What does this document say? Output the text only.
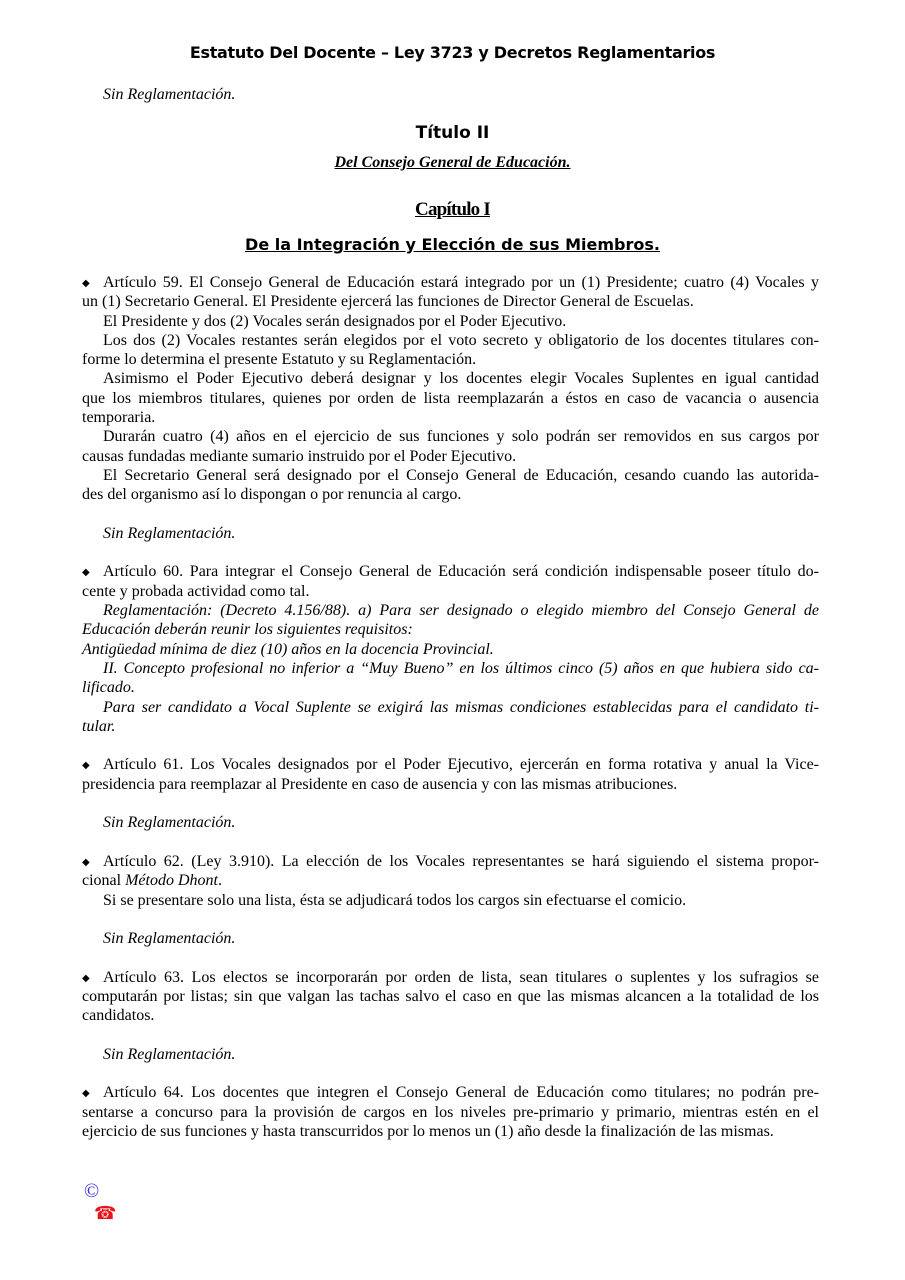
Estatuto Del Docente – Ley 3723 y Decretos Reglamentarios
Sin Reglamentación.
Título II
Del Consejo General de Educación.
Capítulo I
De la Integración y Elección de sus Miembros.
◆ Artículo 59. El Consejo General de Educación estará integrado por un (1) Presidente; cuatro (4) Vocales y
un (1) Secretario General. El Presidente ejercerá las funciones de Director General de Escuelas.
El Presidente y dos (2) Vocales serán designados por el Poder Ejecutivo.
Los dos (2) Vocales restantes serán elegidos por el voto secreto y obligatorio de los docentes titulares con-
forme lo determina el presente Estatuto y su Reglamentación.
Asimismo el Poder Ejecutivo deberá designar y los docentes elegir Vocales Suplentes en igual cantidad
que los miembros titulares, quienes por orden de lista reemplazarán a éstos en caso de vacancia o ausencia
temporaria.
Durarán cuatro (4) años en el ejercicio de sus funciones y solo podrán ser removidos en sus cargos por
causas fundadas mediante sumario instruido por el Poder Ejecutivo.
El Secretario General será designado por el Consejo General de Educación, cesando cuando las autorida-
des del organismo así lo dispongan o por renuncia al cargo.
Sin Reglamentación.
◆ Artículo 60. Para integrar el Consejo General de Educación será condición indispensable poseer título do-
cente y probada actividad como tal.
Reglamentación: (Decreto 4.156/88). a) Para ser designado o elegido miembro del Consejo General de
Educación deberán reunir los siguientes requisitos:
Antigüedad mínima de diez (10) años en la docencia Provincial.
II. Concepto profesional no inferior a “Muy Bueno” en los últimos cinco (5) años en que hubiera sido ca-
lificado.
Para ser candidato a Vocal Suplente se exigirá las mismas condiciones establecidas para el candidato ti-
tular.
◆ Artículo 61. Los Vocales designados por el Poder Ejecutivo, ejercerán en forma rotativa y anual la Vice-
presidencia para reemplazar al Presidente en caso de ausencia y con las mismas atribuciones.
Sin Reglamentación.
◆ Artículo 62. (Ley 3.910). La elección de los Vocales representantes se hará siguiendo el sistema propor-
cional Método Dhont.
Si se presentare solo una lista, ésta se adjudicará todos los cargos sin efectuarse el comicio.
Sin Reglamentación.
◆ Artículo 63. Los electos se incorporarán por orden de lista, sean titulares o suplentes y los sufragios se
computarán por listas; sin que valgan las tachas salvo el caso en que las mismas alcancen a la totalidad de los
candidatos.
Sin Reglamentación.
◆ Artículo 64. Los docentes que integren el Consejo General de Educación como titulares; no podrán pre-
sentarse a concurso para la provisión de cargos en los niveles pre-primario y primario, mientras estén en el
ejercicio de sus funciones y hasta transcurridos por lo menos un (1) año desde la finalización de las mismas.
©
☎
